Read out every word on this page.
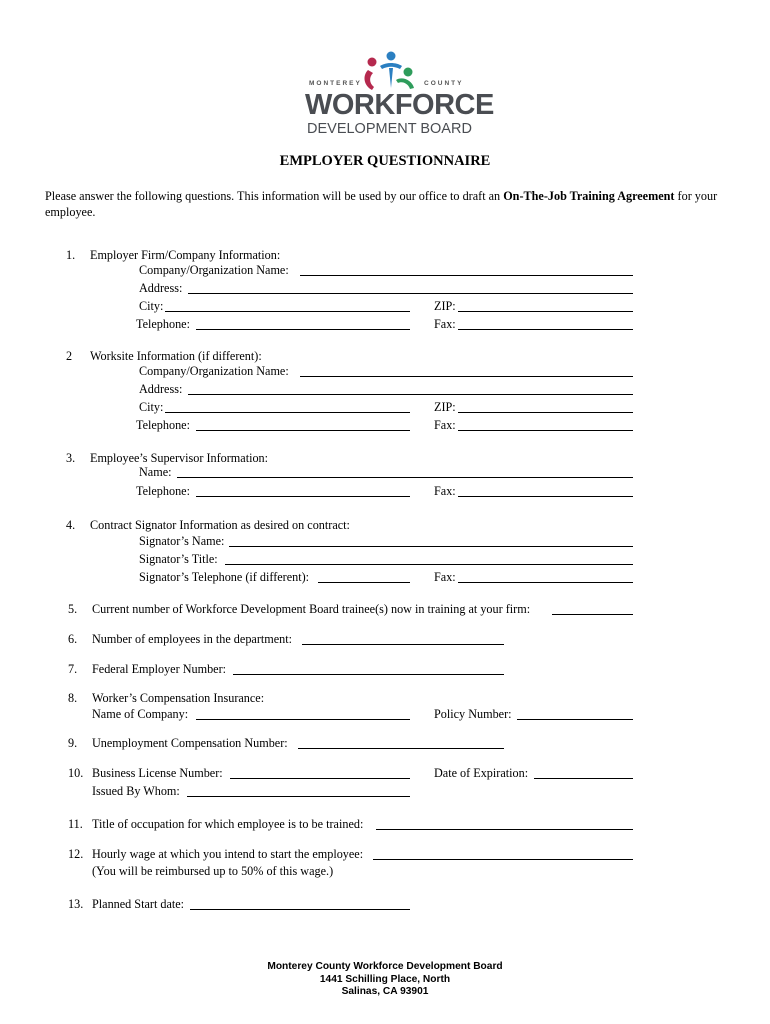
MONTEREY	COUNTY
WORKFORCE
DEVELOPMENT BOARD
EMPLOYER QUESTIONNAIRE
Please answer the following questions. This information will be used by our office to draft an On-The-Job Training Agreement for your employee.
1. Employer Firm/Company Information:
Company/Organization Name:
Address:
City:	ZIP:
Telephone:	Fax:
2 Worksite Information (if different):
Company/Organization Name:
Address:
City:	ZIP:
Telephone:	Fax:
3. Employee’s Supervisor Information:
Name:
Telephone:	Fax:
4. Contract Signator Information as desired on contract:
Signator’s Name:
Signator’s Title:
Signator’s Telephone (if different):	Fax:
5. Current number of Workforce Development Board trainee(s) now in training at your firm:
6. Number of employees in the department:
7. Federal Employer Number:
8. Worker’s Compensation Insurance:
Name of Company:	Policy Number:
9. Unemployment Compensation Number:
10. Business License Number:	Date of Expiration:
Issued By Whom:
11. Title of occupation for which employee is to be trained:
12. Hourly wage at which you intend to start the employee:
(You will be reimbursed up to 50% of this wage.)
13. Planned Start date:
Monterey County Workforce Development Board
1441 Schilling Place, North
Salinas, CA 93901
